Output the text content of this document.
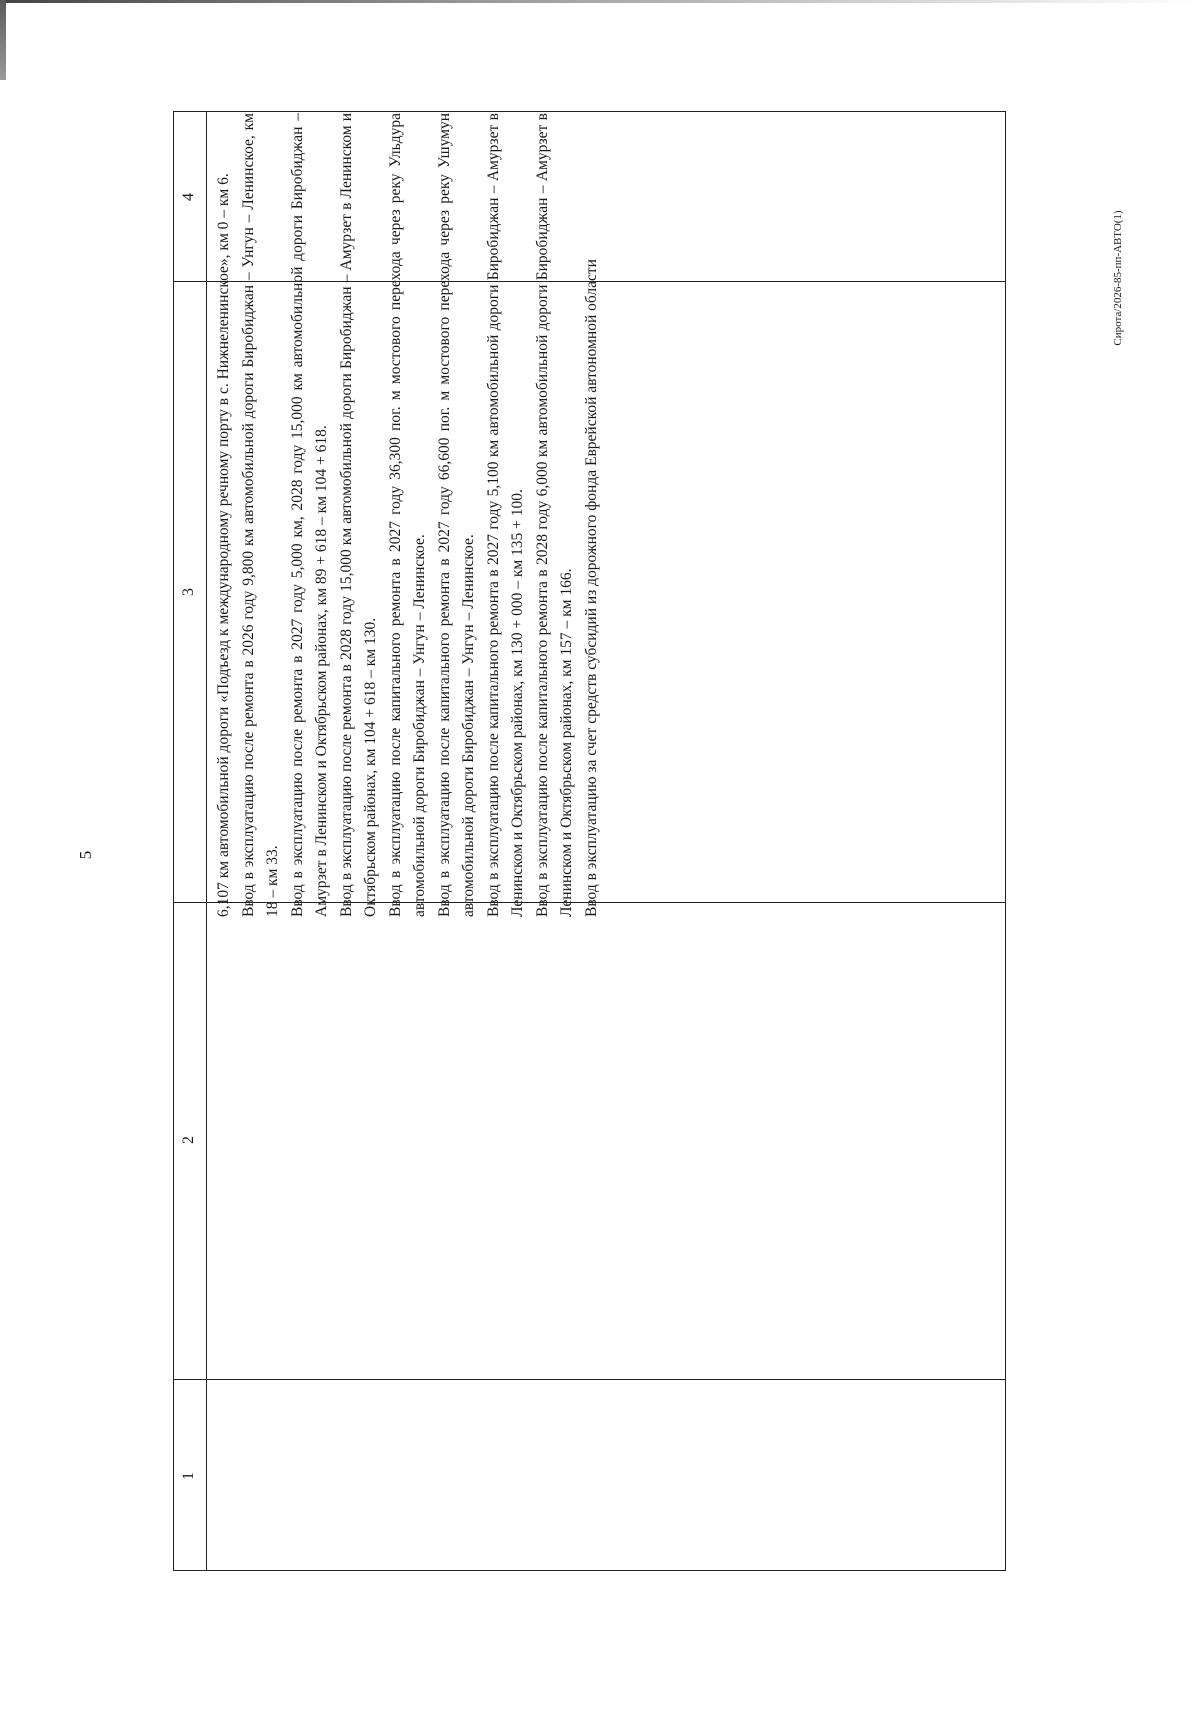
5
Сирота/2026-85-пп-АВТО(1)
1
2
3
4 6,107 км автомобильной дороги «Подъезд к международному речному порту в с. Нижнеленинское», км 0 – км 6. Ввод в эксплуатацию после ремонта в 2026 году 9,800 км автомобильной дороги Биробиджан – Унгун – Ленинское, км 18 – км 33. Ввод в эксплуатацию после ремонта в 2027 году 5,000 км, 2028 году 15,000 км автомобильной дороги Биробиджан – Амурзет в Ленинском и Октябрьском районах, км 89 + 618 – км 104 + 618. Ввод в эксплуатацию после ремонта в 2028 году 15,000 км автомобильной дороги Биробиджан – Амурзет в Ленинском и Октябрьском районах, км 104 + 618 – км 130. Ввод в эксплуатацию после капитального ремонта в 2027 году 36,300 пог. м мостового перехода через реку Ульдура автомобильной дороги Биробиджан – Унгун – Ленинское. Ввод в эксплуатацию после капитального ремонта в 2027 году 66,600 пог. м мостового перехода через реку Ушумун автомобильной дороги Биробиджан – Унгун – Ленинское. Ввод в эксплуатацию после капитального ремонта в 2027 году 5,100 км автомобильной дороги Биробиджан – Амурзет в Ленинском и Октябрьском районах, км 130 + 000 – км 135 + 100. Ввод в эксплуатацию после капитального ремонта в 2028 году 6,000 км автомобильной дороги Биробиджан – Амурзет в Ленинском и Октябрьском районах, км 157 – км 166. Ввод в эксплуатацию за счет средств субсидий из дорожного фонда Еврейской автономной области
